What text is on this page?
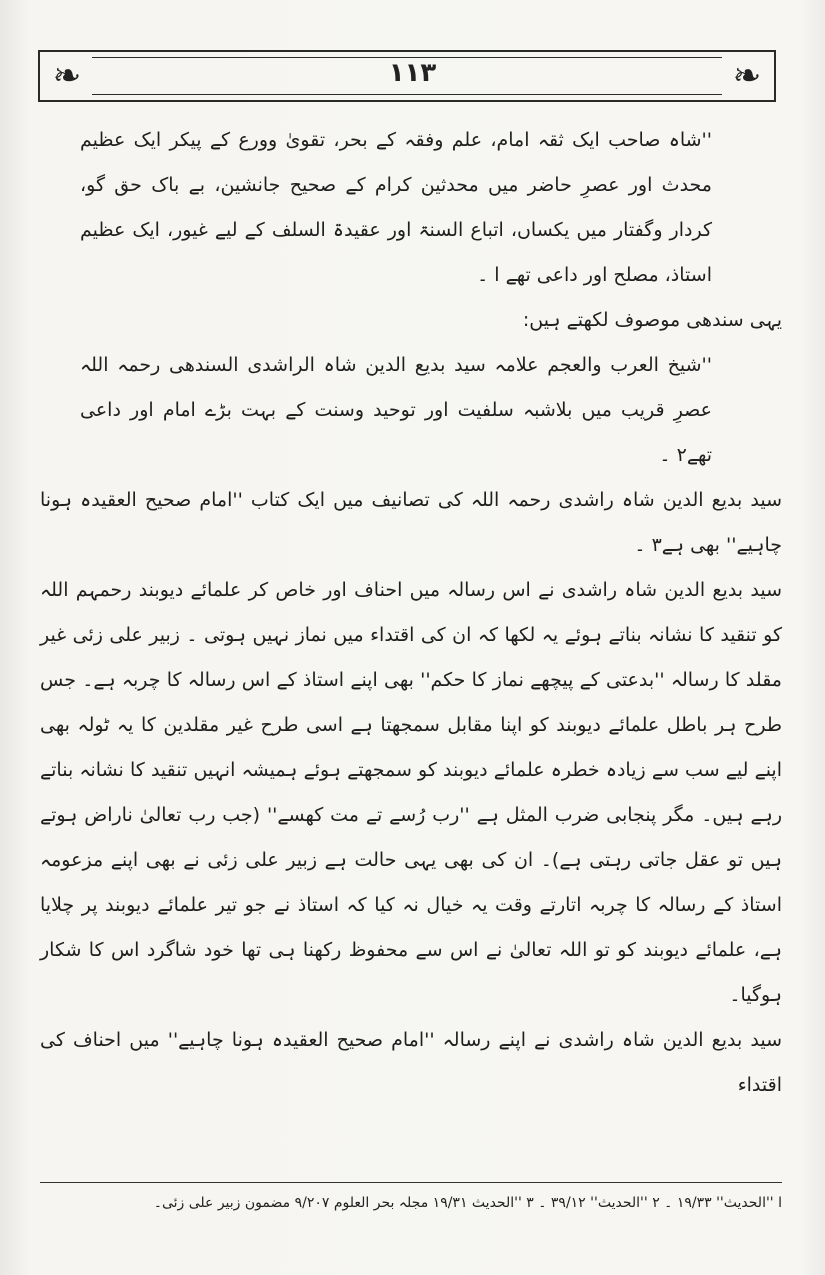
❧	❧
١١٣

''شاہ صاحب ایک ثقہ امام، علم وفقہ کے بحر، تقویٰ وورع کے پیکر ایک عظیم محدث اور عصرِ حاضر میں محدثین کرام کے صحیح جانشین، بے باک حق گو، کردار وگفتار میں یکساں، اتباع السنۃ اور عقیدۃ السلف کے لیے غیور، ایک عظیم استاذ، مصلح اور داعی تھے ا ۔

یہی سندھی موصوف لکھتے ہیں:

''شیخ العرب والعجم علامہ سید بدیع الدین شاہ الراشدی السندھی رحمہ اللہ عصرِ قریب میں بلاشبہ سلفیت اور توحید وسنت کے بہت بڑے امام اور داعی تھے۲ ۔

سید بدیع الدین شاہ راشدی رحمہ اللہ کی تصانیف میں ایک کتاب ''امام صحیح العقیدہ ہونا چاہیے'' بھی ہے۳ ۔

سید بدیع الدین شاہ راشدی نے اس رسالہ میں احناف اور خاص کر علمائے دیوبند رحمہم اللہ کو تنقید کا نشانہ بناتے ہوئے یہ لکھا کہ ان کی اقتداء میں نماز نہیں ہوتی ۔ زبیر علی زئی غیر مقلد کا رسالہ ''بدعتی کے پیچھے نماز کا حکم'' بھی اپنے استاذ کے اس رسالہ کا چربہ ہے۔ جس طرح ہر باطل علمائے دیوبند کو اپنا مقابل سمجھتا ہے اسی طرح غیر مقلدین کا یہ ٹولہ بھی اپنے لیے سب سے زیادہ خطرہ علمائے دیوبند کو سمجھتے ہوئے ہمیشہ انہیں تنقید کا نشانہ بناتے رہے ہیں۔ مگر پنجابی ضرب المثل ہے ''رب رُسے تے مت کھسے'' (جب رب تعالیٰ ناراض ہوتے ہیں تو عقل جاتی رہتی ہے)۔ ان کی بھی یہی حالت ہے زبیر علی زئی نے بھی اپنے مزعومہ استاذ کے رسالہ کا چربہ اتارتے وقت یہ خیال نہ کیا کہ استاذ نے جو تیر علمائے دیوبند پر چلایا ہے، علمائے دیوبند کو تو اللہ تعالیٰ نے اس سے محفوظ رکھنا ہی تھا خود شاگرد اس کا شکار ہوگیا۔

سید بدیع الدین شاہ راشدی نے اپنے رسالہ ''امام صحیح العقیدہ ہونا چاہیے'' میں احناف کی اقتداء

ا ''الحدیث'' ۱۹/۳۳ ۔ ۲ ''الحدیث'' ۳۹/۱۲ ۔ ۳ ''الحدیث ۱۹/۳۱ مجلہ بحر العلوم ۹/۲۰۷ مضمون زبیر علی زئی۔
